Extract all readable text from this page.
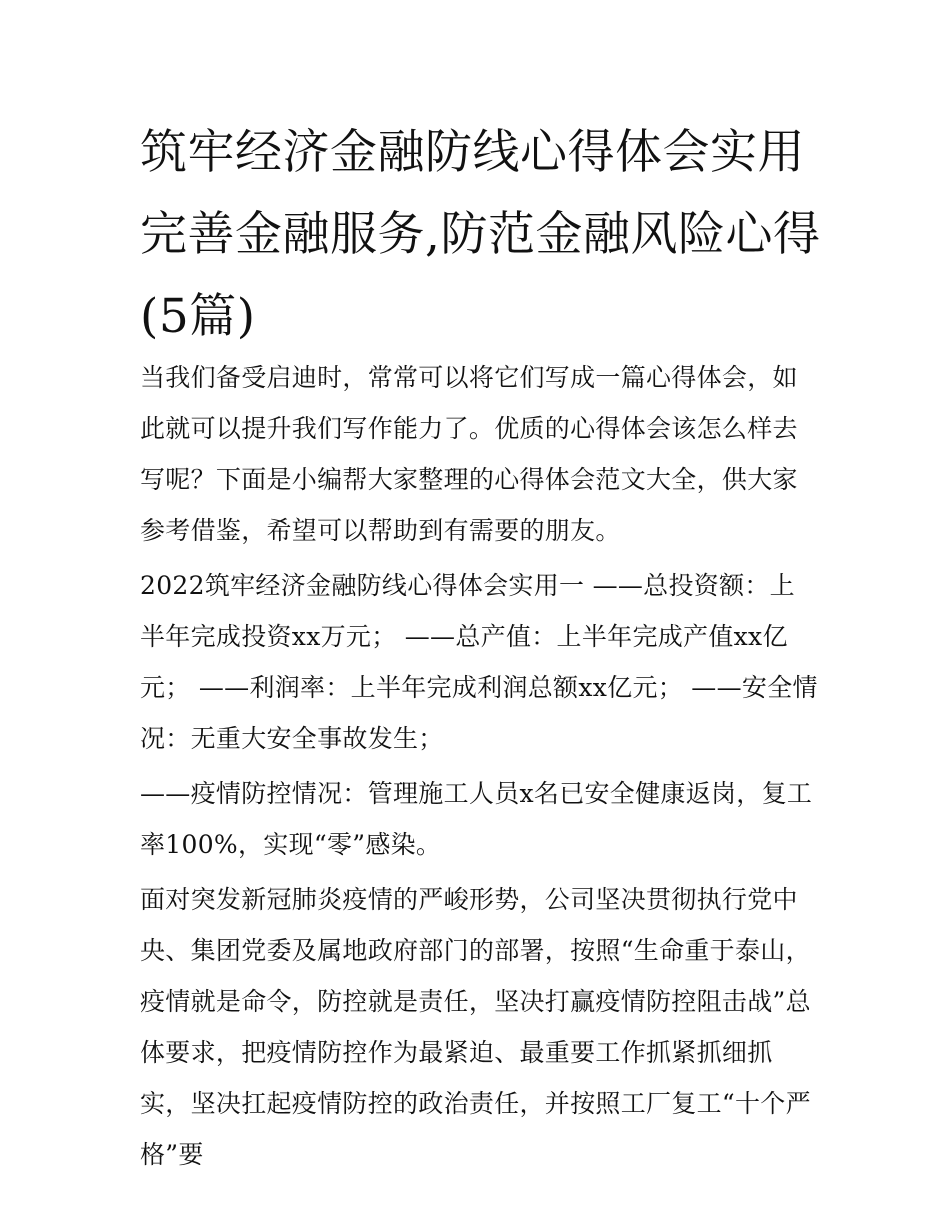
筑牢经济金融防线心得体会实用 完善金融服务,防范金融风险心得(5篇)

当我们备受启迪时，常常可以将它们写成一篇心得体会，如此就可以提升我们写作能力了。优质的心得体会该怎么样去写呢？下面是小编帮大家整理的心得体会范文大全，供大家参考借鉴，希望可以帮助到有需要的朋友。

2022筑牢经济金融防线心得体会实用一 ——总投资额：上半年完成投资xx万元； ——总产值：上半年完成产值xx亿元； ——利润率：上半年完成利润总额xx亿元； ——安全情况：无重大安全事故发生；

——疫情防控情况：管理施工人员x名已安全健康返岗，复工率100%，实现“零”感染。

面对突发新冠肺炎疫情的严峻形势，公司坚决贯彻执行党中央、集团党委及属地政府部门的部署，按照“生命重于泰山，疫情就是命令，防控就是责任，坚决打赢疫情防控阻击战”总体要求，把疫情防控作为最紧迫、最重要工作抓紧抓细抓实，坚决扛起疫情防控的政治责任，并按照工厂复工“十个严格”要
